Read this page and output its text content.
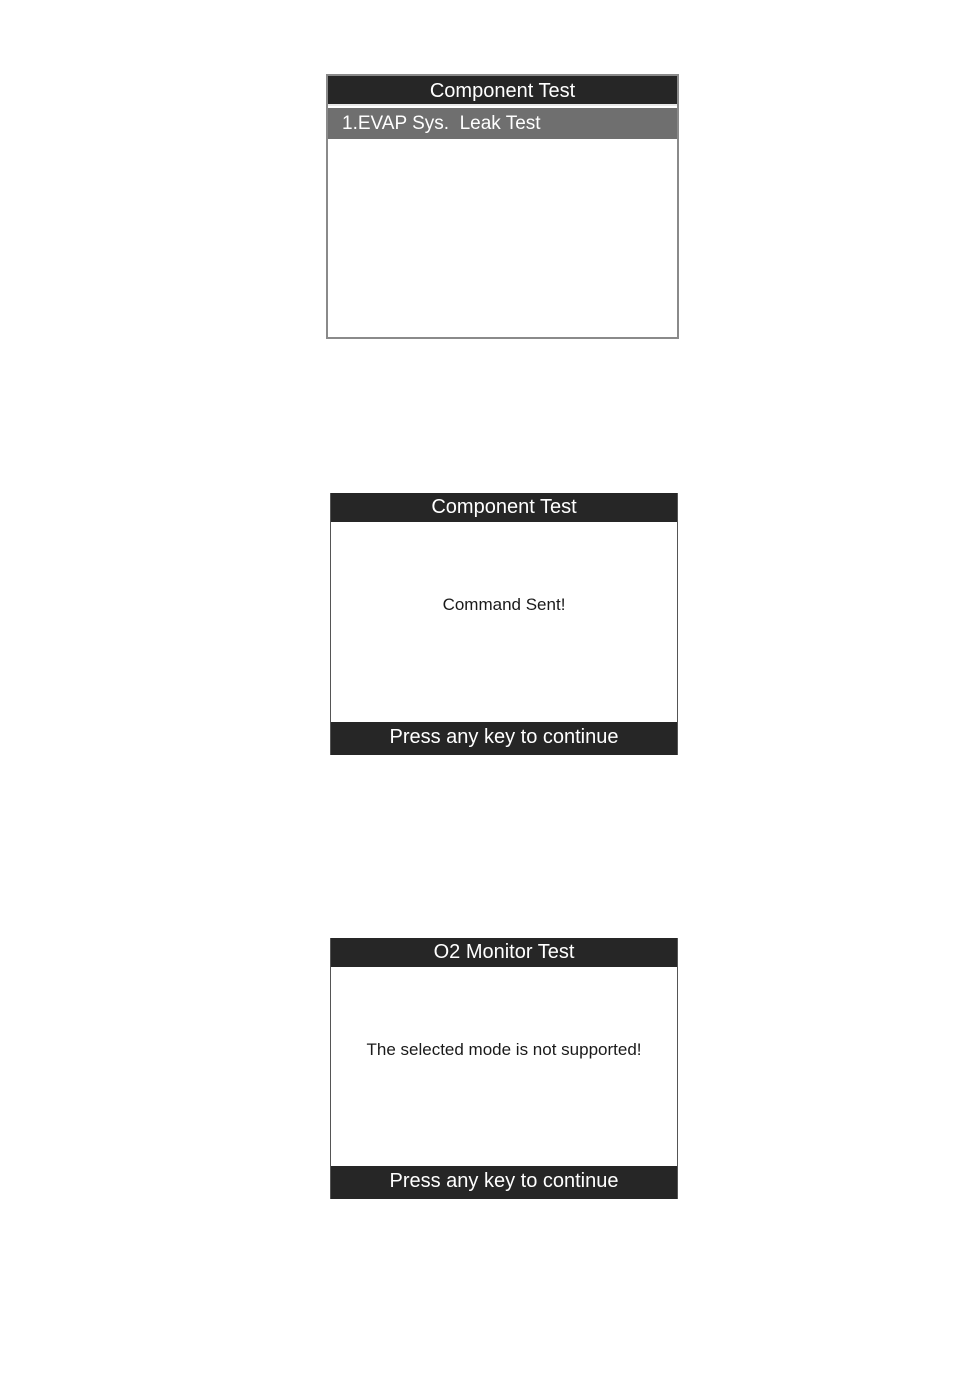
Component Test
1.EVAP Sys.  Leak Test
Component Test
Command Sent!
Press any key to continue
O2 Monitor Test
The selected mode is not supported!
Press any key to continue
